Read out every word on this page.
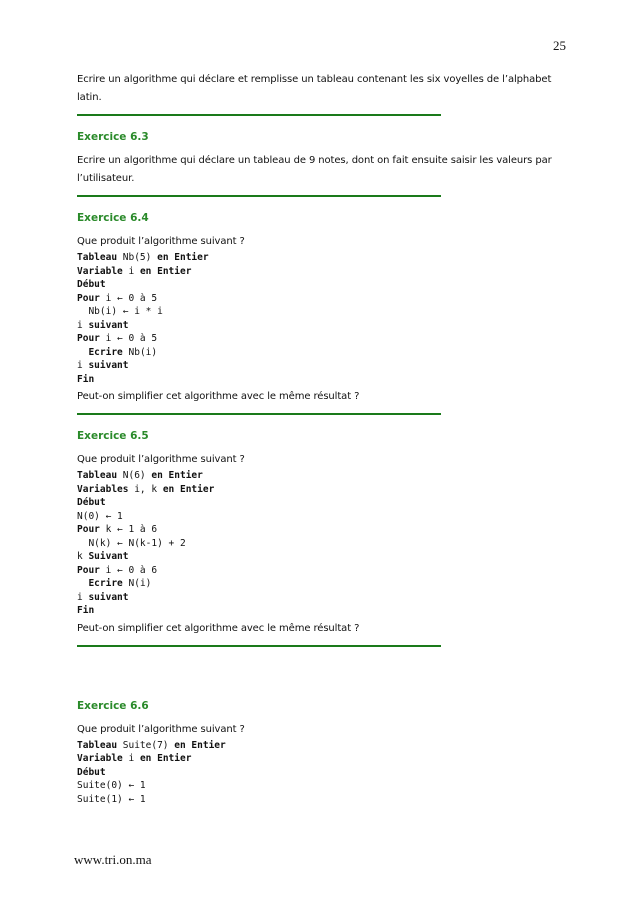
25

Ecrire un algorithme qui déclare et remplisse un tableau contenant les six voyelles de l’alphabet latin.

Exercice 6.3

Ecrire un algorithme qui déclare un tableau de 9 notes, dont on fait ensuite saisir les valeurs par l’utilisateur.

Exercice 6.4

Que produit l’algorithme suivant ?

Tableau Nb(5) en Entier
Variable i en Entier
Début
Pour i ← 0 à 5
Nb(i) ← i * i
i suivant
Pour i ← 0 à 5
Ecrire Nb(i)
i suivant
Fin

Peut-on simplifier cet algorithme avec le même résultat ?

Exercice 6.5

Que produit l’algorithme suivant ?

Tableau N(6) en Entier
Variables i, k en Entier
Début
N(0) ← 1
Pour k ← 1 à 6
N(k) ← N(k-1) + 2
k Suivant
Pour i ← 0 à 6
Ecrire N(i)
i suivant
Fin

Peut-on simplifier cet algorithme avec le même résultat ?

Exercice 6.6

Que produit l’algorithme suivant ?

Tableau Suite(7) en Entier
Variable i en Entier
Début
Suite(0) ← 1
Suite(1) ← 1
www.tri.on.ma
